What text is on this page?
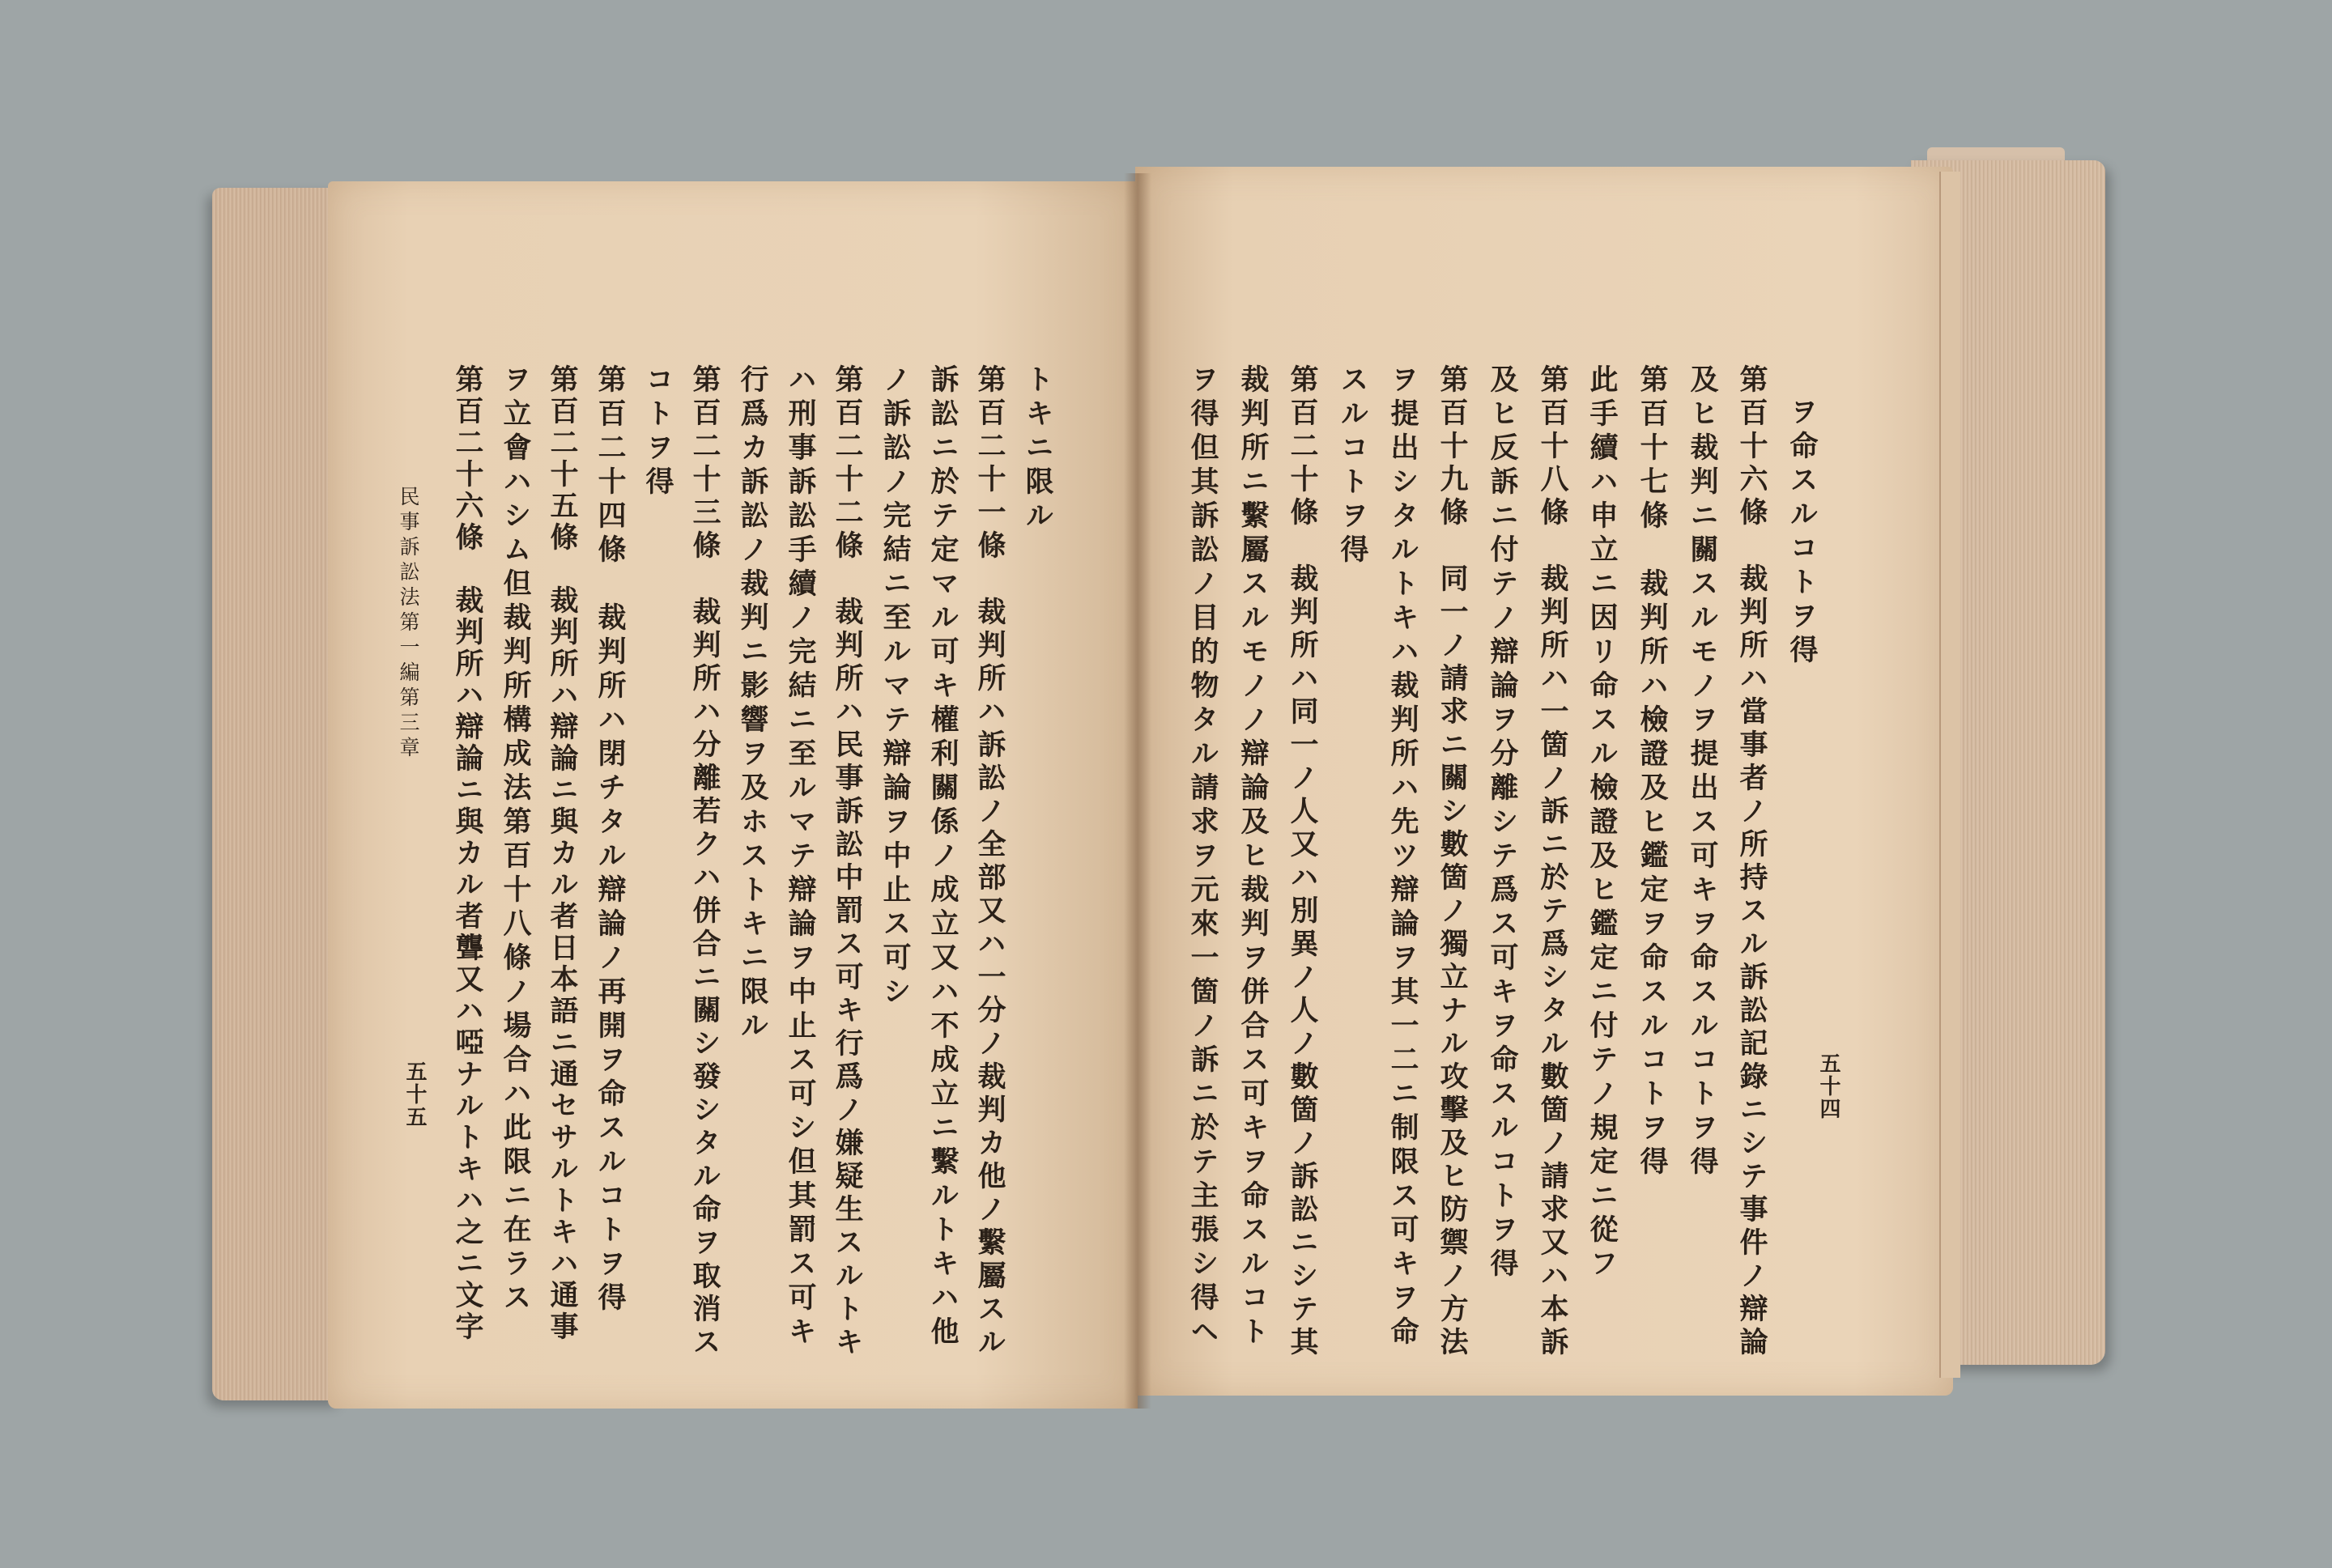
ヲ命スルコトヲ得
第百十六條　裁判所ハ當事者ノ所持スル訴訟記錄ニシテ事件ノ辯論
及ヒ裁判ニ關スルモノヲ提出ス可キヲ命スルコトヲ得
第百十七條　裁判所ハ檢證及ヒ鑑定ヲ命スルコトヲ得
此手續ハ申立ニ因リ命スル檢證及ヒ鑑定ニ付テノ規定ニ從フ
第百十八條　裁判所ハ一箇ノ訴ニ於テ爲シタル數箇ノ請求又ハ本訴
及ヒ反訴ニ付テノ辯論ヲ分離シテ爲ス可キヲ命スルコトヲ得
第百十九條　同一ノ請求ニ關シ數箇ノ獨立ナル攻擊及ヒ防禦ノ方法
ヲ提出シタルトキハ裁判所ハ先ツ辯論ヲ其一二ニ制限ス可キヲ命
スルコトヲ得
第百二十條　裁判所ハ同一ノ人又ハ別異ノ人ノ數箇ノ訴訟ニシテ其	五十四
トキニ限ル
第百二十一條　裁判所ハ訴訟ノ全部又ハ一分ノ裁判カ他ノ繫屬スル
訴訟ニ於テ定マル可キ權利關係ノ成立又ハ不成立ニ繫ルトキハ他
ノ訴訟ノ完結ニ至ルマテ辯論ヲ中止ス可シ
第百二十二條　裁判所ハ民事訴訟中罰ス可キ行爲ノ嫌疑生スルトキ
ハ刑事訴訟手續ノ完結ニ至ルマテ辯論ヲ中止ス可シ但其罰ス可キ
行爲カ訴訟ノ裁判ニ影響ヲ及ホストキニ限ル
第百二十三條　裁判所ハ分離若クハ併合ニ關シ發シタル命ヲ取消ス
コトヲ得
第百二十四條　裁判所ハ閉チタル辯論ノ再開ヲ命スルコトヲ得
第百二十五條　裁判所ハ辯論ニ與カル者日本語ニ通セサルトキハ通事
民事訴訟法第一編第三章
五十五	裁判所ニ繫屬スルモノノ辯論及ヒ裁判ヲ併合ス可キヲ命スルコト
ヲ得但其訴訟ノ目的物タル請求ヲ元來一箇ノ訴ニ於テ主張シ得ヘ
ヲ立會ハシム但裁判所構成法第百十八條ノ場合ハ此限ニ在ラス
第百二十六條　裁判所ハ辯論ニ與カル者聾又ハ啞ナルトキハ之ニ文字
